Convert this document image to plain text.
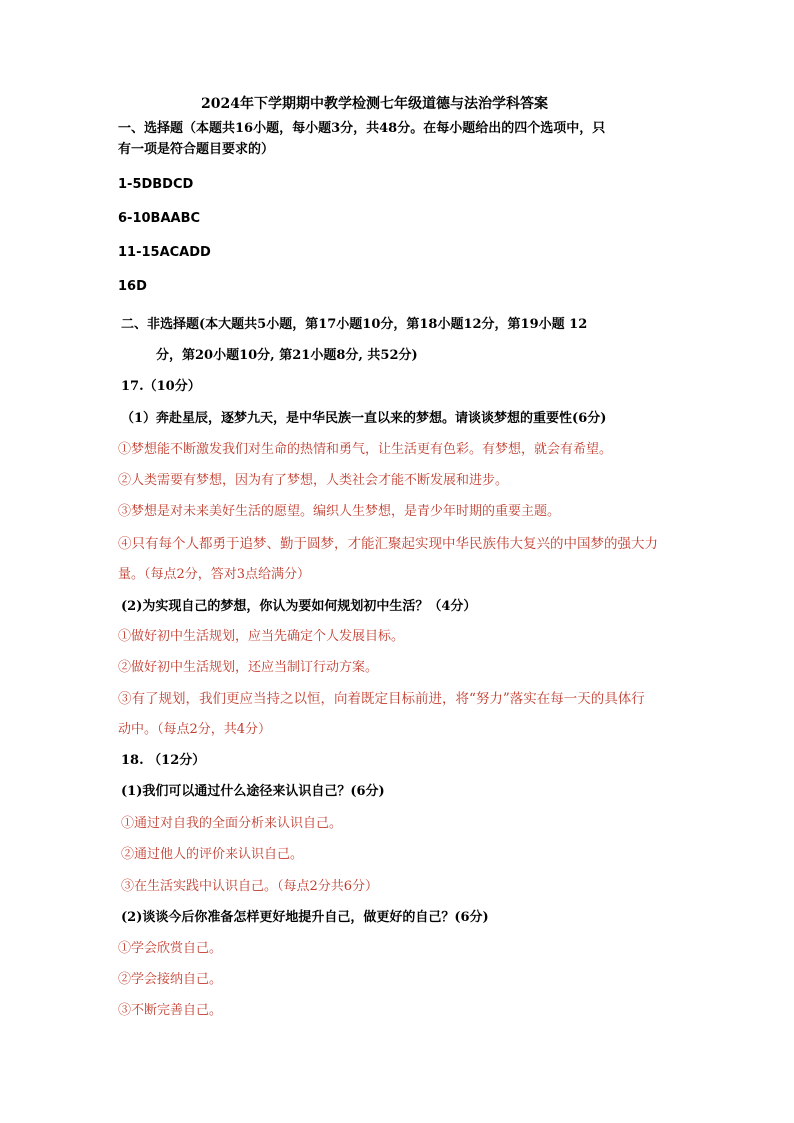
2024年下学期期中教学检测七年级道德与法治学科答案
一、选择题（本题共16小题，每小题3分，共48分。在每小题给出的四个选项中，只
有一项是符合题目要求的）
1-5DBDCD
6-10BAABC
11-15ACADD
16D
二、非选择题(本大题共5小题，第17小题10分，第18小题12分，第19小题 12
分，第20小题10分, 第21小题8分, 共52分)
17.（10分）
（1）奔赴星辰，逐梦九天，是中华民族一直以来的梦想。请谈谈梦想的重要性(6分)
①梦想能不断激发我们对生命的热情和勇气，让生活更有色彩。有梦想，就会有希望。
②人类需要有梦想，因为有了梦想，人类社会才能不断发展和进步。
③梦想是对未来美好生活的愿望。编织人生梦想，是青少年时期的重要主题。
④只有每个人都勇于追梦、勤于圆梦，才能汇聚起实现中华民族伟大复兴的中国梦的强大力
量。（每点2分，答对3点给满分）
(2)为实现自己的梦想，你认为要如何规划初中生活？（4分）
①做好初中生活规划，应当先确定个人发展目标。
②做好初中生活规划，还应当制订行动方案。
③有了规划，我们更应当持之以恒，向着既定目标前进，将“努力”落实在每一天的具体行
动中。（每点2分，共4分）
18. （12分）
(1)我们可以通过什么途径来认识自己？(6分)
①通过对自我的全面分析来认识自己。
②通过他人的评价来认识自己。
③在生活实践中认识自己。（每点2分共6分）
(2)谈谈今后你准备怎样更好地提升自己，做更好的自己？(6分)
①学会欣赏自己。
②学会接纳自己。
③不断完善自己。
